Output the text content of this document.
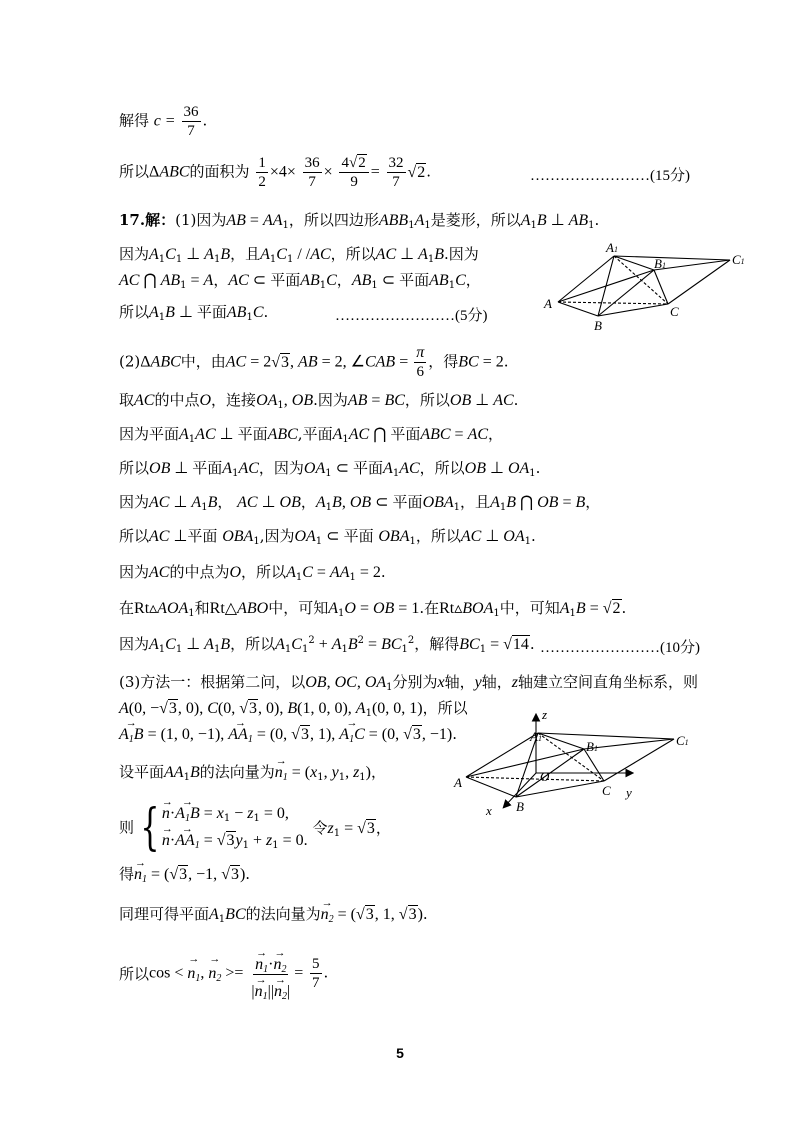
解得 $c = \frac{36}{7}$ .
所以ΔABC的面积为 $\frac{1}{2} \times 4\times \frac{36}{7} \times \frac{4√2}{9} = \frac{32}{7} √2$.	……………………(15分)
17.解：(1)因为AB = $AA_1$，所以四边形$ABB_1A_1$是菱形，所以$A_1B$ ⊥ $AB_1$.
因为$A_1C_1$ ⊥ $A_1B$，且$A_1C_1 / /AC$，所以AC ⊥ $A_1B$.因为
AC ⋂ $AB_1 = A$，AC ⊂ 平面$AB_1C$，$AB_1$ ⊂ 平面$AB_1C$，
所以$A_1B$ ⊥ 平面$AB_1C$.	……………………(5分)
A1
C1
B1
A
B
C
(2)ΔABC中，由AC = 2√3, AB = 2, ∠CAB = $\frac{\pi}{6}$ ，得BC = 2.
取AC的中点O，连接$OA_1$, OB.因为AB = BC，所以OB ⊥ AC.
因为平面$A_1AC$ ⊥ 平面ABC,平面$A_1AC$ ⋂ 平面ABC = AC，
所以OB ⊥ 平面$A_1AC$，因为$OA_1$ ⊂ 平面$A_1AC$，所以OB ⊥ $OA_1$.
因为AC ⊥ $A_1B$， AC ⊥ OB，$A_1B$, OB ⊂ 平面$OBA_1$，且$A_1B$ ⋂ OB = B，
所以AC ⊥平面 $OBA_1$,因为$OA_1$ ⊂ 平面 $OBA_1$，所以AC ⊥ $OA_1$.
因为AC的中点为O，所以$A_1C = AA_1 = 2$.
在$Rt▵AOA_1$和Rt△ABO中，可知$A_1O$ = OB = 1.在$Rt▵BOA_1$中，可知$A_1B = √2$.
因为$A_1C_1$ ⊥ $A_1B$，所以$A_1C_1^2 + A_1B^2 = BC_1^2$，解得$BC_1 = √14$. ……………………(10分)
(3)方法一：根据第二问，以OB, OC, $OA_1$分别为x轴，y轴，z轴建立空间直角坐标系，则
A(0, −√3, 0), C(0, √3, 0), B(1, 0, 0), $A_1(0$, 0, 1)，所以
→ $A_1B = (1$, 0, −1), → $AA_1 = (0$, √3, 1), → $A_1C = (0$, √3, −1).
设平面$AA_1B$的法向量为→ $n_1 = (x_1$, $y_1$, $z_1$)，
则 { → $n\cdot\to A_1B = x_1 - z_1 = 0$,
→ $n\cdot\to AA_1 = √3y_1 + z_1 = 0$.
令$z_1 = √3$，
得→ $n_1 = (√3$, −1, √3).
同理可得平面$A_1BC$的法向量为→ $n_2 = (√3$, 1, √3).
所以cos < → $n_1$, → $n_2$ >= → $\frac{n_1\cdot\to n_2}{|\to n_1||\to n_2|} = \frac{5}{7}$ .
z
y
x
O
A
B
C
A1
B1
C1
5
